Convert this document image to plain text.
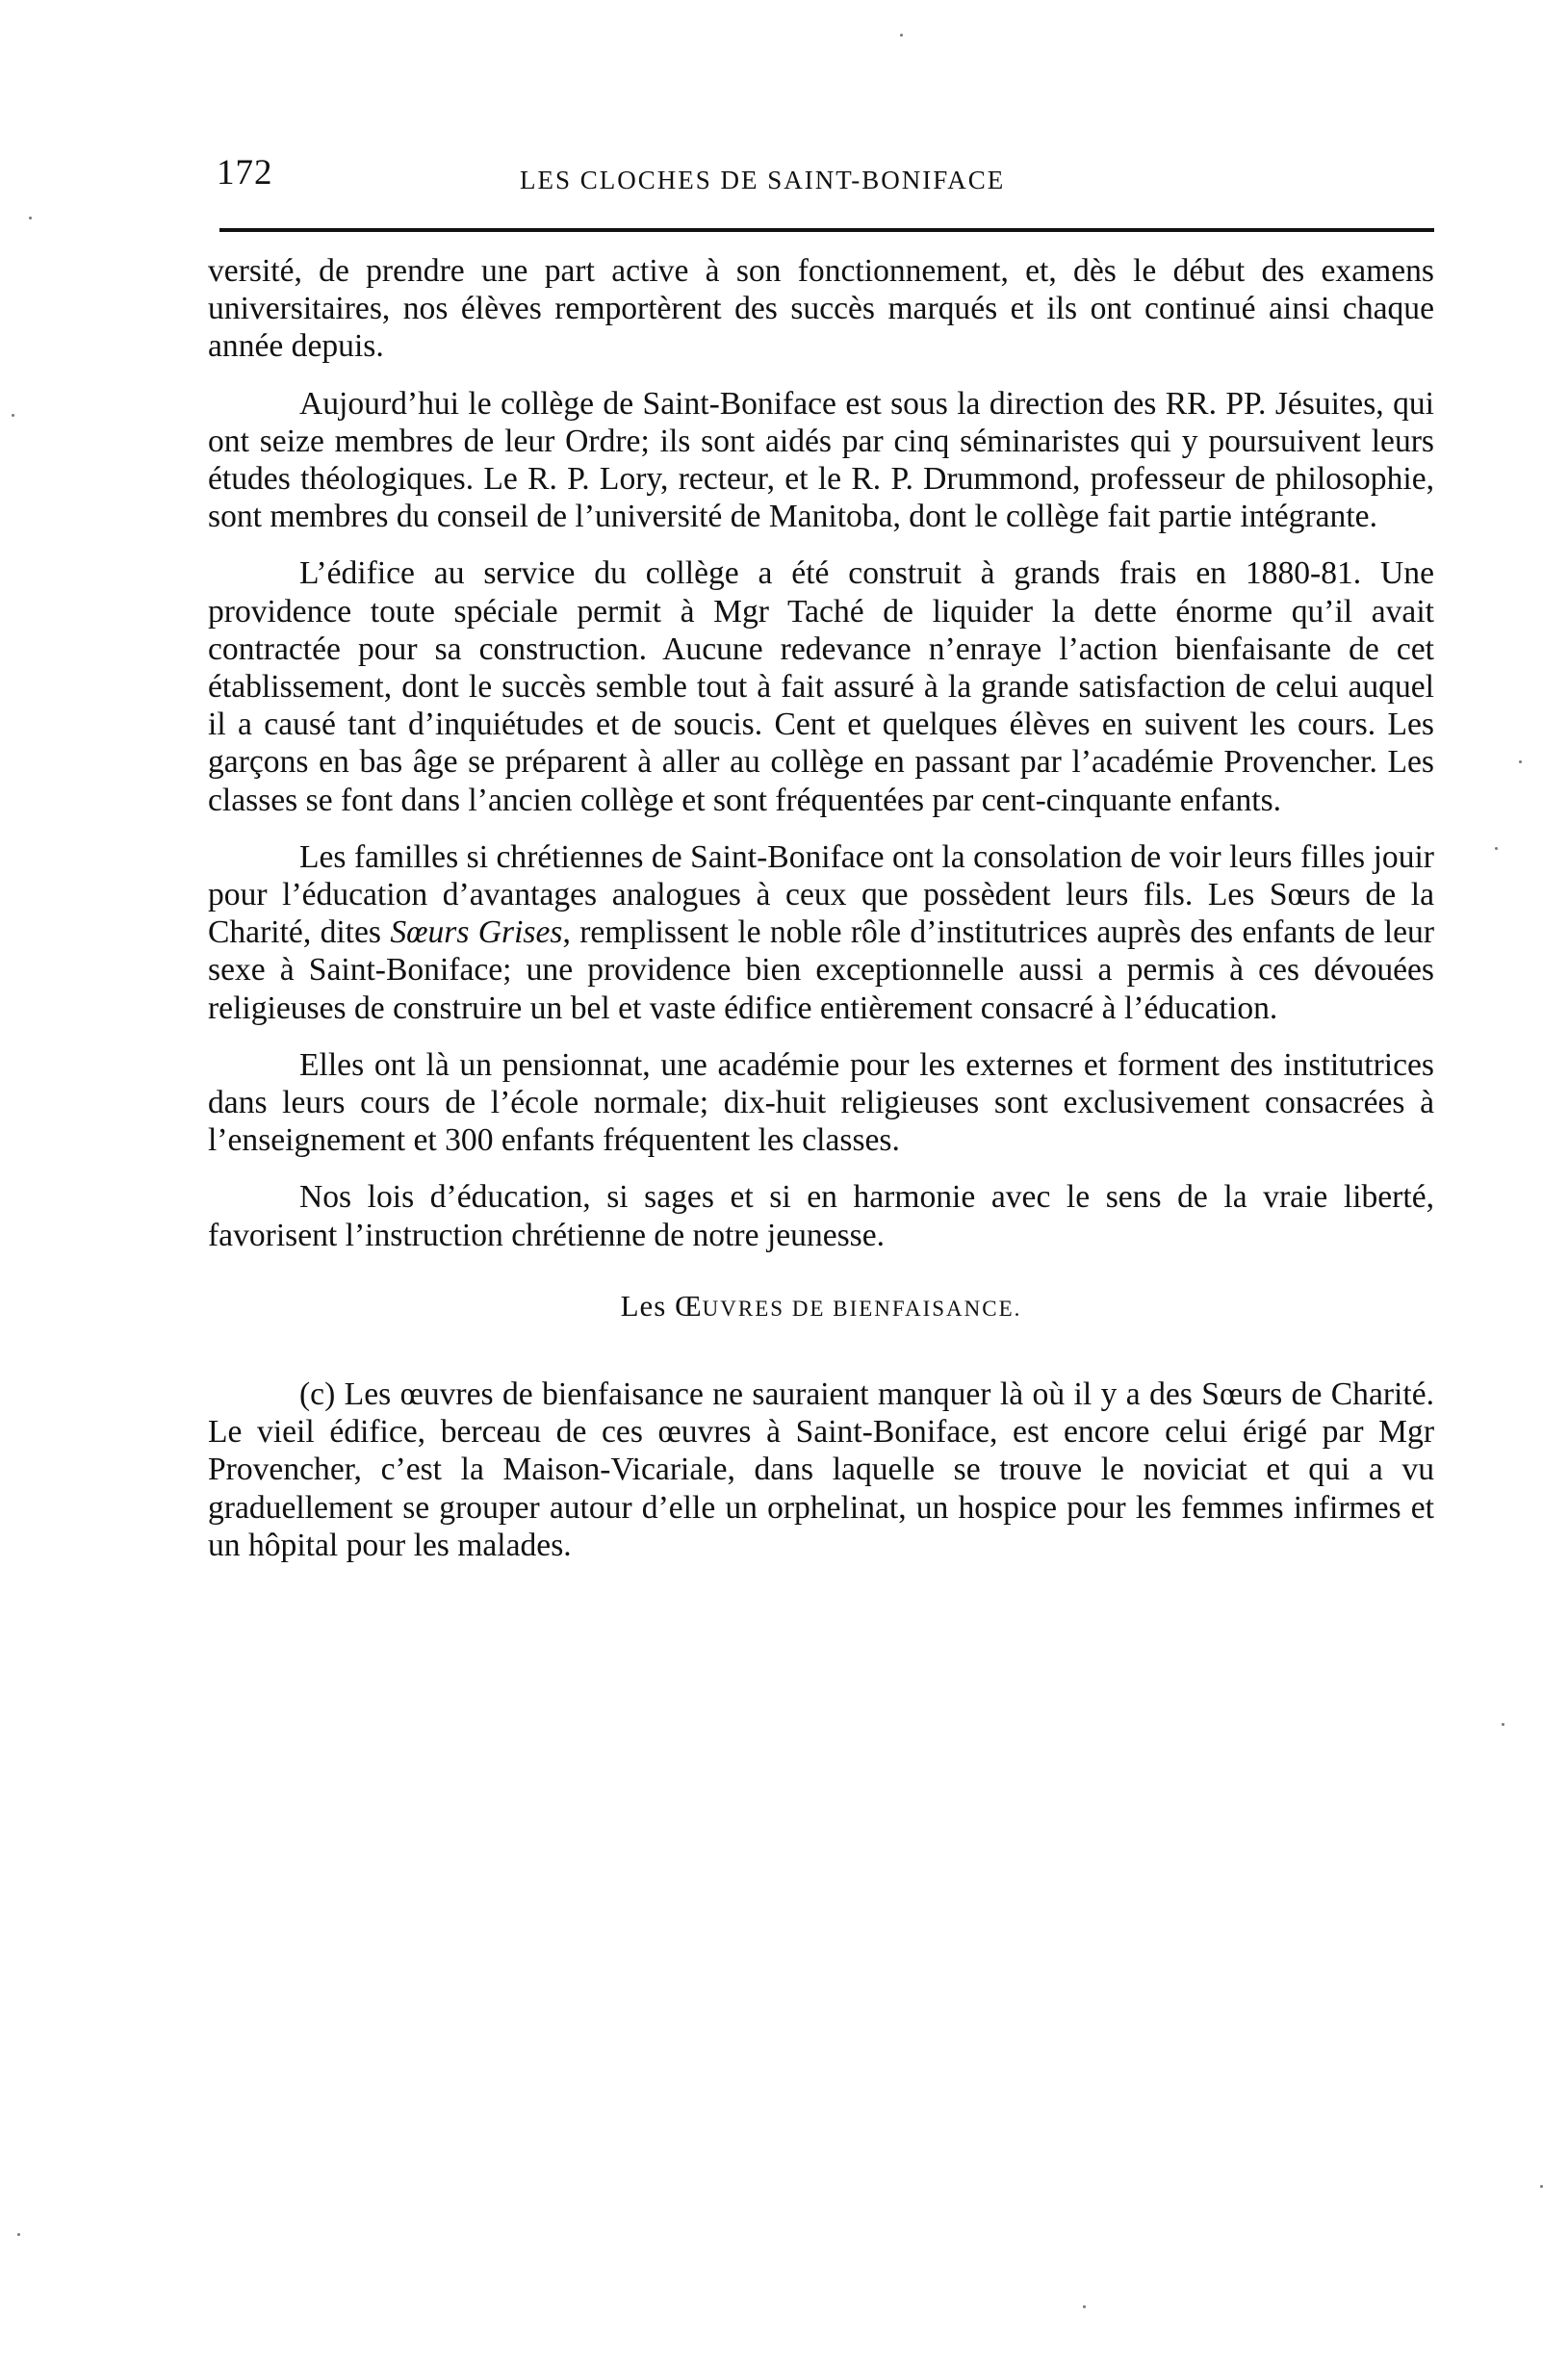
172	LES CLOCHES DE SAINT-BONIFACE

versité, de prendre une part active à son fonctionnement, et, dès le début des examens universitaires, nos élèves remportèrent des succès marqués et ils ont continué ainsi chaque année depuis.

Aujourd’hui le collège de Saint-Boniface est sous la direction des RR. PP. Jésuites, qui ont seize membres de leur Ordre; ils sont aidés par cinq séminaristes qui y poursuivent leurs études théologiques. Le R. P. Lory, recteur, et le R. P. Drummond, professeur de philosophie, sont membres du conseil de l’université de Manitoba, dont le collège fait partie intégrante.

L’édifice au service du collège a été construit à grands frais en 1880-81. Une providence toute spéciale permit à Mgr Taché de liquider la dette énorme qu’il avait contractée pour sa construction. Aucune redevance n’enraye l’action bienfaisante de cet établissement, dont le succès semble tout à fait assuré à la grande satisfaction de celui auquel il a causé tant d’inquiétudes et de soucis. Cent et quelques élèves en suivent les cours. Les garçons en bas âge se préparent à aller au collège en passant par l’académie Provencher. Les classes se font dans l’ancien collège et sont fréquentées par cent-cinquante enfants.

Les familles si chrétiennes de Saint-Boniface ont la consolation de voir leurs filles jouir pour l’éducation d’avantages analogues à ceux que possèdent leurs fils. Les Sœurs de la Charité, dites Sœurs Grises, remplissent le noble rôle d’institutrices auprès des enfants de leur sexe à Saint-Boniface; une providence bien exceptionnelle aussi a permis à ces dévouées religieuses de construire un bel et vaste édifice entièrement consacré à l’éducation.

Elles ont là un pensionnat, une académie pour les externes et forment des institutrices dans leurs cours de l’école normale; dix-huit religieuses sont exclusivement consacrées à l’enseignement et 300 enfants fréquentent les classes.

Nos lois d’éducation, si sages et si en harmonie avec le sens de la vraie liberté, favorisent l’instruction chrétienne de notre jeunesse.

Les ŒUVRES DE BIENFAISANCE.

(c) Les œuvres de bienfaisance ne sauraient manquer là où il y a des Sœurs de Charité. Le vieil édifice, berceau de ces œuvres à Saint-Boniface, est encore celui érigé par Mgr Provencher, c’est la Maison-Vicariale, dans laquelle se trouve le noviciat et qui a vu graduellement se grouper autour d’elle un orphelinat, un hospice pour les femmes infirmes et un hôpital pour les malades.
